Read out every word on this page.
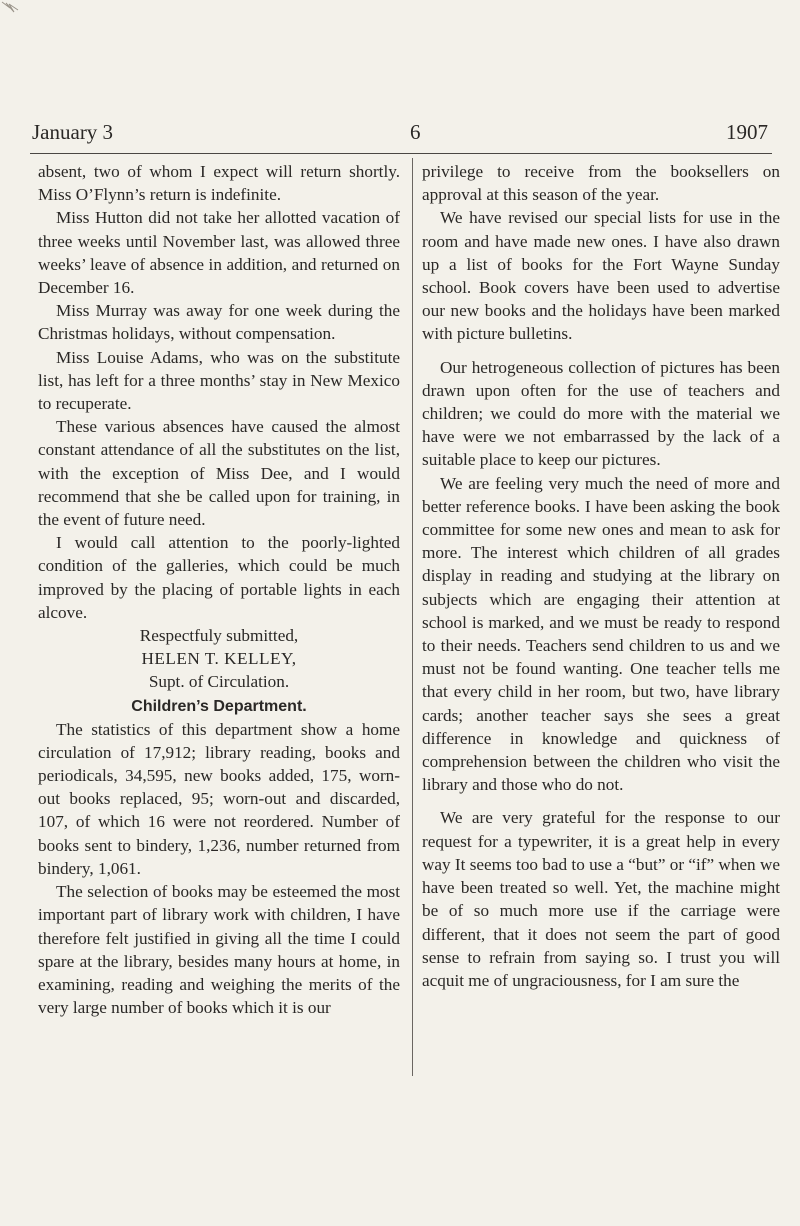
January 3	6	1907

absent, two of whom I expect will return shortly. Miss O’Flynn’s return is indefinite.

Miss Hutton did not take her allotted vacation of three weeks until November last, was allowed three weeks’ leave of absence in addition, and returned on December 16.

Miss Murray was away for one week during the Christmas holidays, without compensation.

Miss Louise Adams, who was on the substitute list, has left for a three months’ stay in New Mexico to recuperate.

These various absences have caused the almost constant attendance of all the substitutes on the list, with the exception of Miss Dee, and I would recommend that she be called upon for training, in the event of future need.

I would call attention to the poorly-lighted condition of the galleries, which could be much improved by the placing of portable lights in each alcove.

Respectfuly submitted,

HELEN T. KELLEY,

Supt. of Circulation.

Children’s Department.

The statistics of this department show a home circulation of 17,912; library reading, books and periodicals, 34,595, new books added, 175, worn-out books replaced, 95; worn-out and discarded, 107, of which 16 were not reordered. Number of books sent to bindery, 1,236, number returned from bindery, 1,061.

The selection of books may be esteemed the most important part of library work with children, I have therefore felt justified in giving all the time I could spare at the library, besides many hours at home, in examining, reading and weighing the merits of the very large number of books which it is our

privilege to receive from the booksellers on approval at this season of the year.

We have revised our special lists for use in the room and have made new ones. I have also drawn up a list of books for the Fort Wayne Sunday school. Book covers have been used to advertise our new books and the holidays have been marked with picture bulletins.

Our hetrogeneous collection of pictures has been drawn upon often for the use of teachers and children; we could do more with the material we have were we not embarrassed by the lack of a suitable place to keep our pictures.

We are feeling very much the need of more and better reference books. I have been asking the book committee for some new ones and mean to ask for more. The interest which children of all grades display in reading and studying at the library on subjects which are engaging their attention at school is marked, and we must be ready to respond to their needs. Teachers send children to us and we must not be found wanting. One teacher tells me that every child in her room, but two, have library cards; another teacher says she sees a great difference in knowledge and quickness of comprehension between the children who visit the library and those who do not.

We are very grateful for the response to our request for a typewriter, it is a great help in every way It seems too bad to use a “but” or “if” when we have been treated so well. Yet, the machine might be of so much more use if the carriage were different, that it does not seem the part of good sense to refrain from saying so. I trust you will acquit me of ungraciousness, for I am sure the
